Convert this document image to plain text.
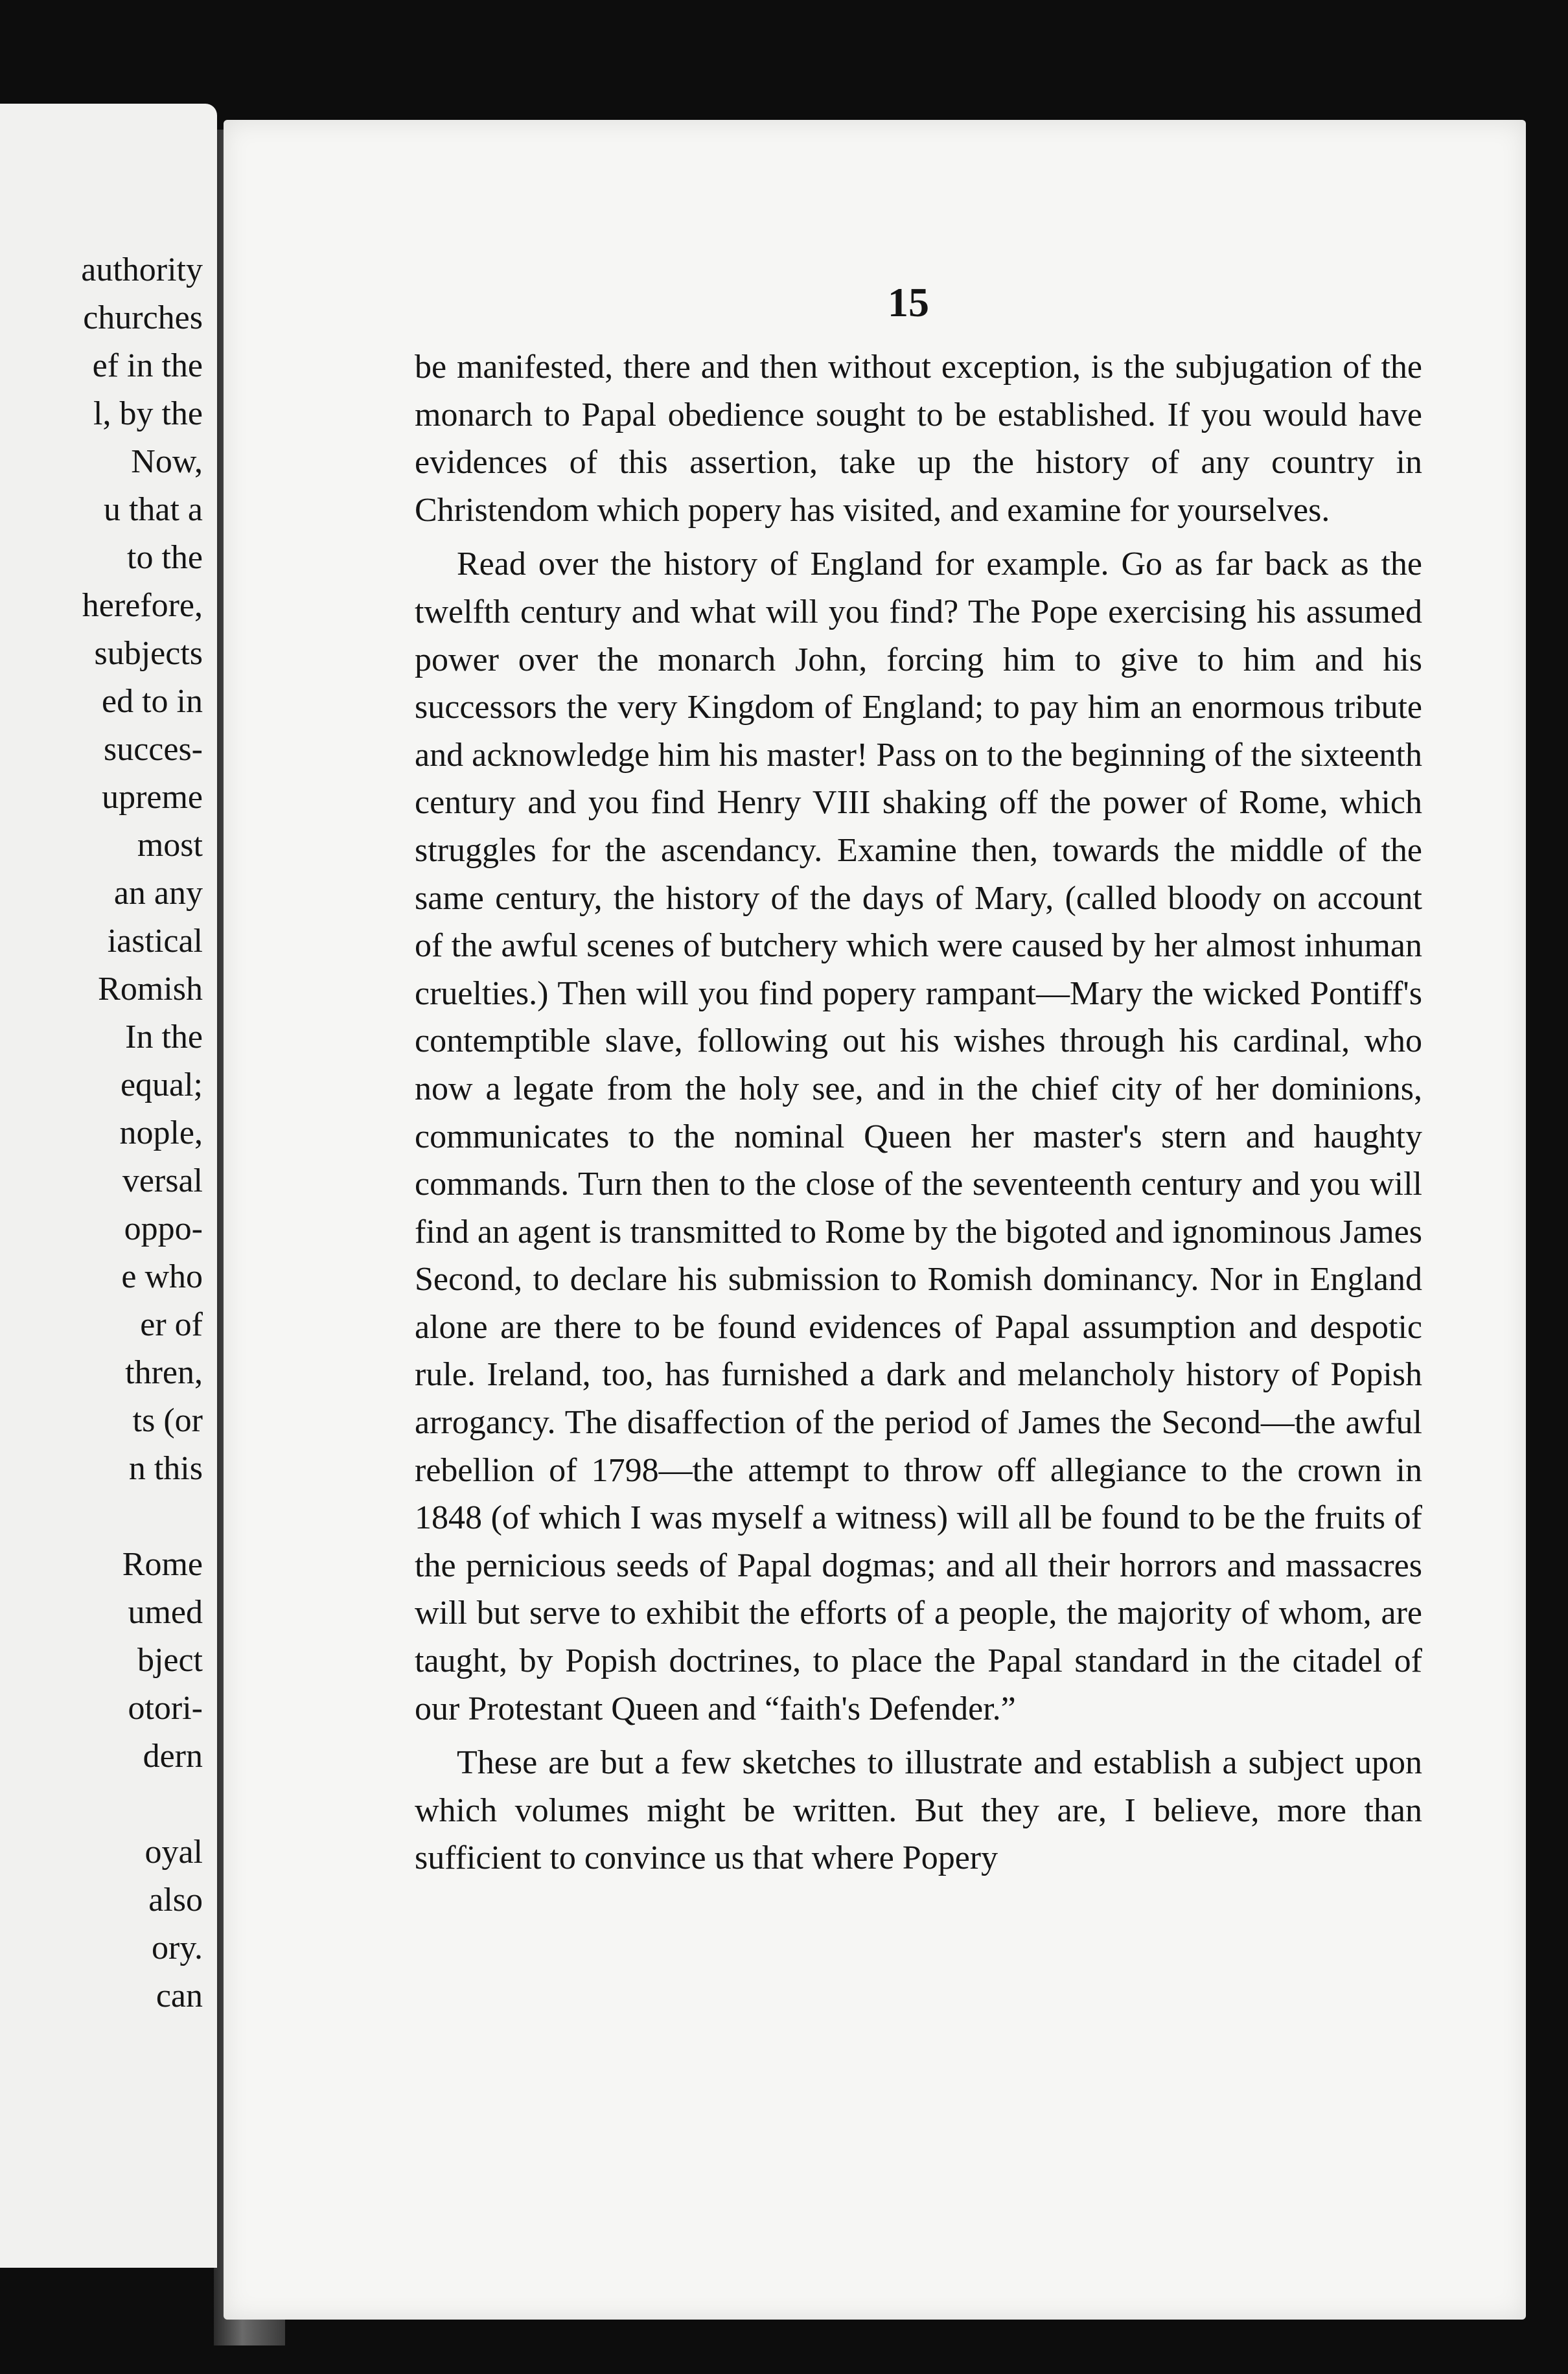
authority
churches
ef in the
l, by the
Now,
u that a
to the
herefore,
subjects
ed to in
succes-
upreme
most
an any
iastical
Romish
In the
equal;
nople,
versal
oppo-
e who
er of
thren,
ts (or
n this
Rome
umed
bject
otori-
dern
oyal
also
ory.
can
15

be manifested, there and then without exception, is the subjugation of the monarch to Papal obedience sought to be established. If you would have evidences of this assertion, take up the history of any country in Christendom which popery has visited, and examine for yourselves.

Read over the history of England for example. Go as far back as the twelfth century and what will you find? The Pope exercising his assumed power over the monarch John, forcing him to give to him and his successors the very Kingdom of England; to pay him an enormous tribute and acknowledge him his master! Pass on to the beginning of the sixteenth century and you find Henry VIII shaking off the power of Rome, which struggles for the ascendancy. Examine then, towards the middle of the same century, the history of the days of Mary, (called bloody on account of the awful scenes of butchery which were caused by her almost inhuman cruelties.) Then will you find popery rampant—Mary the wicked Pontiff's contemptible slave, following out his wishes through his cardinal, who now a legate from the holy see, and in the chief city of her dominions, communicates to the nominal Queen her master's stern and haughty commands. Turn then to the close of the seventeenth century and you will find an agent is transmitted to Rome by the bigoted and ignominous James Second, to declare his submission to Romish dominancy. Nor in England alone are there to be found evidences of Papal assumption and despotic rule. Ireland, too, has furnished a dark and melancholy history of Popish arrogancy. The disaffection of the period of James the Second—the awful rebellion of 1798—the attempt to throw off allegiance to the crown in 1848 (of which I was myself a witness) will all be found to be the fruits of the pernicious seeds of Papal dogmas; and all their horrors and massacres will but serve to exhibit the efforts of a people, the majority of whom, are taught, by Popish doctrines, to place the Papal standard in the citadel of our Protestant Queen and “faith's Defender.”

These are but a few sketches to illustrate and establish a subject upon which volumes might be written. But they are, I believe, more than sufficient to convince us that where Popery
